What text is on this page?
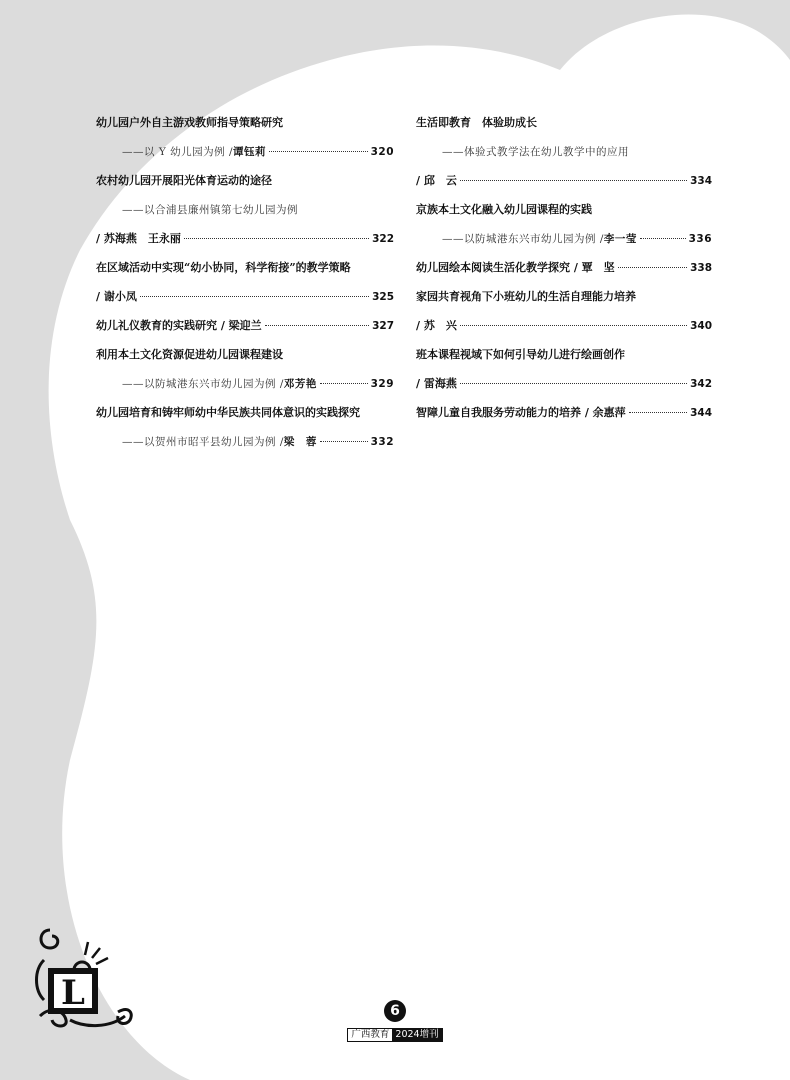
幼儿园户外自主游戏教师指导策略研究
——以 Y 幼儿园为例 / 谭钰莉	320
农村幼儿园开展阳光体育运动的途径
——以合浦县廉州镇第七幼儿园为例
/ 苏海燕　王永丽	322
在区域活动中实现“幼小协同，科学衔接”的教学策略
/ 谢小凤	325
幼儿礼仪教育的实践研究 / 梁迎兰	327
利用本土文化资源促进幼儿园课程建设
——以防城港东兴市幼儿园为例 / 邓芳艳	329
幼儿园培育和铸牢师幼中华民族共同体意识的实践探究
——以贺州市昭平县幼儿园为例 / 梁　蓉	332
生活即教育　体验助成长
——体验式教学法在幼儿教学中的应用
/ 邱　云	334
京族本土文化融入幼儿园课程的实践
——以防城港东兴市幼儿园为例 / 李一莹	336
幼儿园绘本阅读生活化教学探究 / 覃　坚	338
家园共育视角下小班幼儿的生活自理能力培养
/ 苏　兴	340
班本课程视域下如何引导幼儿进行绘画创作
/ 雷海燕	342
智障儿童自我服务劳动能力的培养 / 余惠萍	344
L	6

广西教育 2024增刊
